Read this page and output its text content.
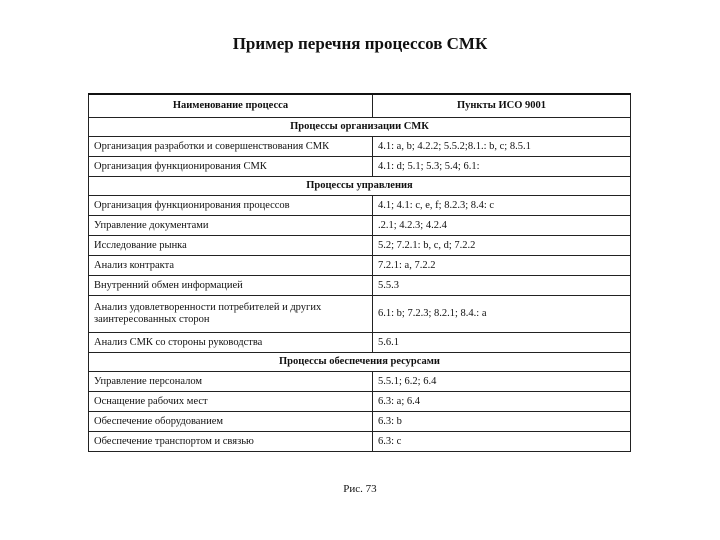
Пример перечня процессов СМК
Наименование процесса	Пункты ИСО 9001
Процессы организации СМК	
Организация разработки и совершенствования СМК	4.1: a, b; 4.2.2; 5.5.2;8.1.: b, c; 8.5.1
Организация функционирования СМК	4.1: d; 5.1; 5.3; 5.4; 6.1:
Процессы управления	
Организация функционирования процессов	4.1; 4.1: c, e, f; 8.2.3; 8.4: c
Управление документами	.2.1; 4.2.3; 4.2.4
Исследование рынка	5.2; 7.2.1: b, c, d; 7.2.2
Анализ контракта	7.2.1: a, 7.2.2
Внутренний обмен информацией	5.5.3
Анализ удовлетворенности потребителей и других заинтересованных сторон	6.1: b; 7.2.3; 8.2.1; 8.4.: a
Анализ СМК со стороны руководства	5.6.1
Процессы обеспечения ресурсами	
Управление персоналом	5.5.1; 6.2; 6.4
Оснащение рабочих мест	6.3: a; 6.4
Обеспечение оборудованием	6.3: b
Обеспечение транспортом и связью	6.3: c
Рис. 73
